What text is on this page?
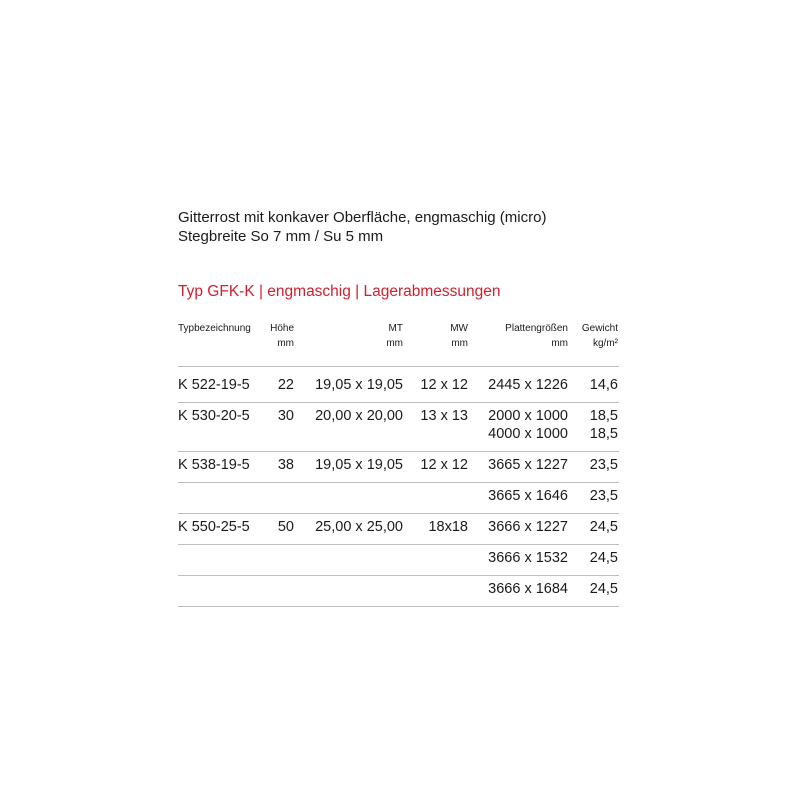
Gitterrost mit konkaver Oberfläche, engmaschig (micro)
Stegbreite So 7 mm / Su 5 mm
Typ GFK-K | engmaschig | Lagerabmessungen
Typbezeichnung Höhe
mm
MT
mm
MW
mm
Plattengrößen
mm
Gewicht
kg/m²
K 522-19-5 22 19,05 x 19,05 12 x 12 2445 x 1226 14,6
K 530-20-5 30 20,00 x 20,00 13 x 13 2000 x 1000 18,5
4000 x 1000 18,5
K 538-19-5 38 19,05 x 19,05 12 x 12 3665 x 1227 23,5
3665 x 1646 23,5
K 550-25-5 50 25,00 x 25,00 18x18 3666 x 1227 24,5
3666 x 1532 24,5
3666 x 1684 24,5
